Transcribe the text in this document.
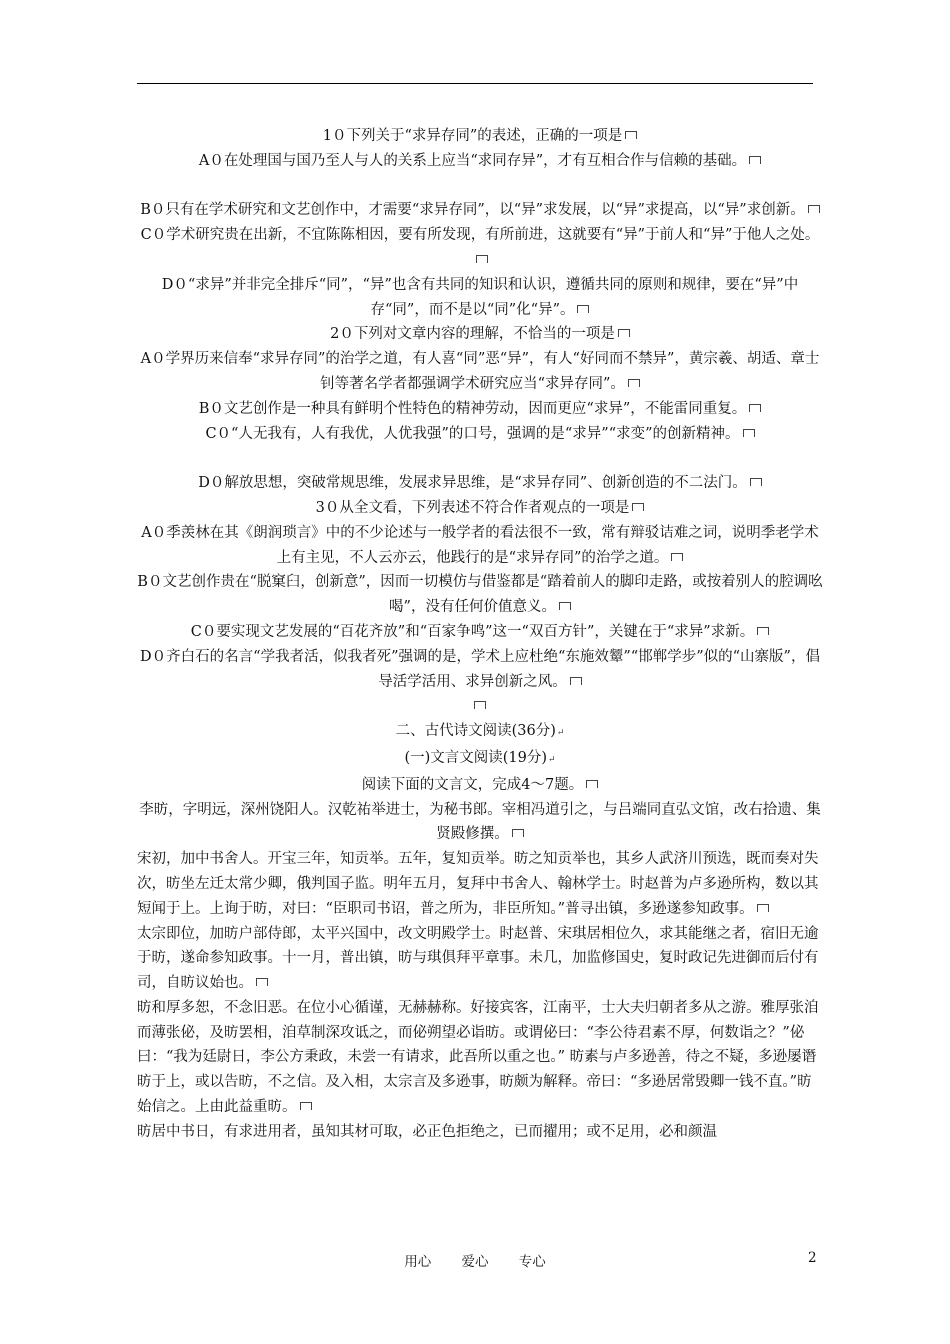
1０下列关于“求异存同”的表述，正确的一项是

A０在处理国与国乃至人与人的关系上应当“求同存异”，才有互相合作与信赖的基础。

B０只有在学术研究和文艺创作中，才需要“求异存同”，以“异”求发展，以“异”求提高，以“异”求创新。

C０学术研究贵在出新，不宜陈陈相因，要有所发现，有所前进，这就要有“异”于前人和“异”于他人之处。

D０“求异”并非完全排斥“同”，“异”也含有共同的知识和认识，遵循共同的原则和规律，要在“异”中存“同”，而不是以“同”化“异”。

2０下列对文章内容的理解，不恰当的一项是

A０学界历来信奉“求异存同”的治学之道，有人喜“同”恶“异”，有人“好同而不禁异”，黄宗羲、胡适、章士钊等著名学者都强调学术研究应当“求异存同”。

B０文艺创作是一种具有鲜明个性特色的精神劳动，因而更应“求异”，不能雷同重复。

C０“人无我有，人有我优，人优我强”的口号，强调的是“求异”“求变”的创新精神。

D０解放思想，突破常规思维，发展求异思维，是“求异存同”、创新创造的不二法门。

3０从全文看，下列表述不符合作者观点的一项是

A０季羡林在其《朗润琐言》中的不少论述与一般学者的看法很不一致，常有辩驳诘难之词，说明季老学术上有主见，不人云亦云，他践行的是“求异存同”的治学之道。

B０文艺创作贵在“脱窠臼，创新意”，因而一切模仿与借鉴都是“踏着前人的脚印走路，或按着别人的腔调吆喝”，没有任何价值意义。

C０要实现文艺发展的“百花齐放”和“百家争鸣”这一“双百方针”，关键在于“求异”求新。

D０齐白石的名言“学我者活，似我者死”强调的是，学术上应杜绝“东施效颦”“邯郸学步”似的“山寨版”，倡导活学活用、求异创新之风。

二、古代诗文阅读(36分)↵

(一)文言文阅读(19分)↵

阅读下面的文言文，完成4～7题。

李昉，字明远，深州饶阳人。汉乾祐举进士，为秘书郎。宰相冯道引之，与吕端同直弘文馆，改右拾遗、集贤殿修撰。

宋初，加中书舍人。开宝三年，知贡举。五年，复知贡举。昉之知贡举也，其乡人武济川预选，既而奏对失次，昉坐左迁太常少卿，俄判国子监。明年五月，复拜中书舍人、翰林学士。时赵普为卢多逊所构，数以其短闻于上。上询于昉，对曰：“臣职司书诏，普之所为，非臣所知。”普寻出镇，多逊遂参知政事。

太宗即位，加昉户部侍郎，太平兴国中，改文明殿学士。时赵普、宋琪居相位久，求其能继之者，宿旧无逾于昉，遂命参知政事。十一月，普出镇，昉与琪俱拜平章事。未几，加监修国史，复时政记先进御而后付有司，自昉议始也。

昉和厚多恕，不念旧恶。在位小心循谨，无赫赫称。好接宾客，江南平，士大夫归朝者多从之游。雅厚张洎而薄张佖，及昉罢相，洎草制深攻诋之，而佖朔望必诣昉。或谓佖曰：“李公待君素不厚，何数诣之？”佖曰：“我为廷尉日，李公方秉政，未尝一有请求，此吾所以重之也。” 昉素与卢多逊善，待之不疑，多逊屡谮昉于上，或以告昉，不之信。及入相，太宗言及多逊事，昉颇为解释。帝曰：“多逊居常毁卿一钱不直。”昉始信之。上由此益重昉。

昉居中书日，有求进用者，虽知其材可取，必正色拒绝之，已而擢用；或不足用，必和颜温

用心 爱心 专心	2
